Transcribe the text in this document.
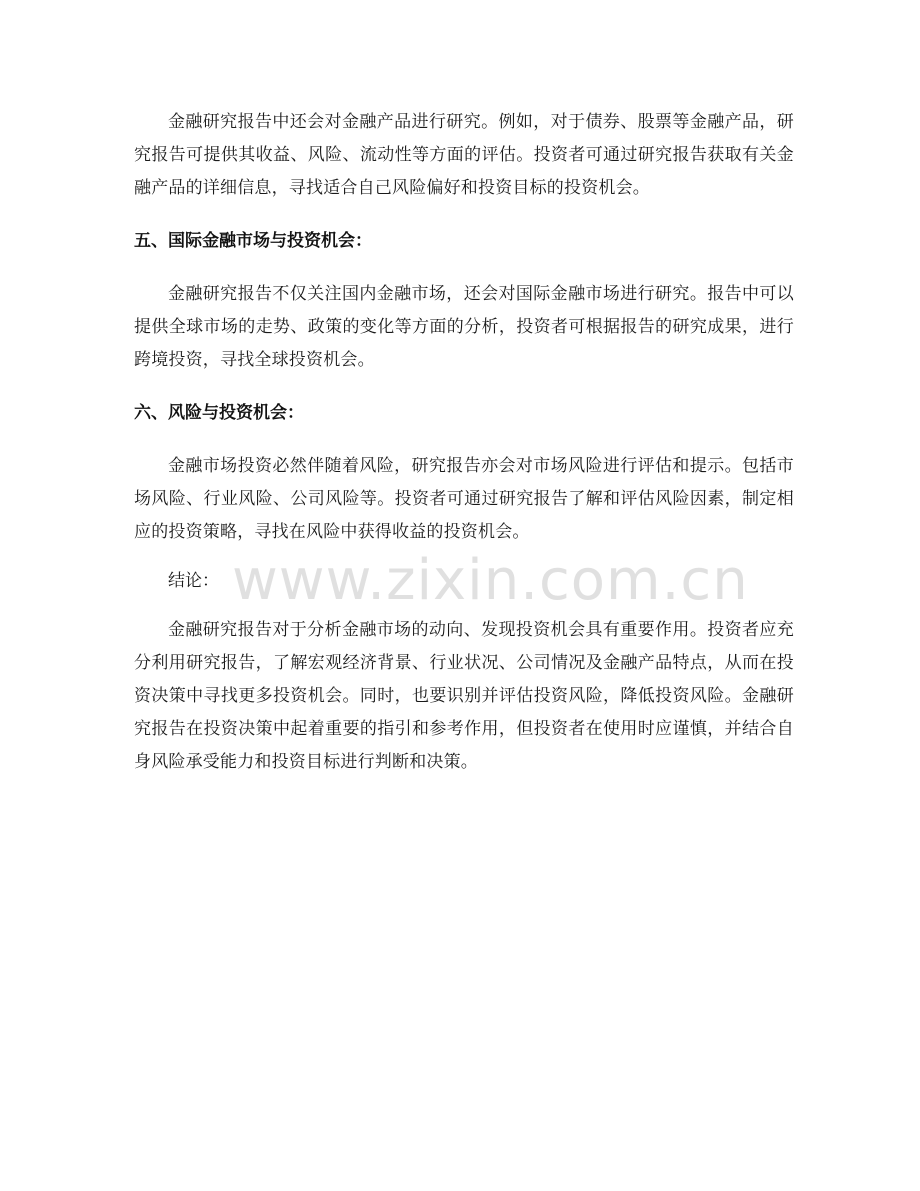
金融研究报告中还会对金融产品进行研究。例如，对于债券、股票等金融产品，研究报告可提供其收益、风险、流动性等方面的评估。投资者可通过研究报告获取有关金融产品的详细信息，寻找适合自己风险偏好和投资目标的投资机会。

五、国际金融市场与投资机会：

金融研究报告不仅关注国内金融市场，还会对国际金融市场进行研究。报告中可以提供全球市场的走势、政策的变化等方面的分析，投资者可根据报告的研究成果，进行跨境投资，寻找全球投资机会。

六、风险与投资机会：

金融市场投资必然伴随着风险，研究报告亦会对市场风险进行评估和提示。包括市场风险、行业风险、公司风险等。投资者可通过研究报告了解和评估风险因素，制定相应的投资策略，寻找在风险中获得收益的投资机会。

结论：

金融研究报告对于分析金融市场的动向、发现投资机会具有重要作用。投资者应充分利用研究报告，了解宏观经济背景、行业状况、公司情况及金融产品特点，从而在投资决策中寻找更多投资机会。同时，也要识别并评估投资风险，降低投资风险。金融研究报告在投资决策中起着重要的指引和参考作用，但投资者在使用时应谨慎，并结合自身风险承受能力和投资目标进行判断和决策。

www.zixin.com.cn
